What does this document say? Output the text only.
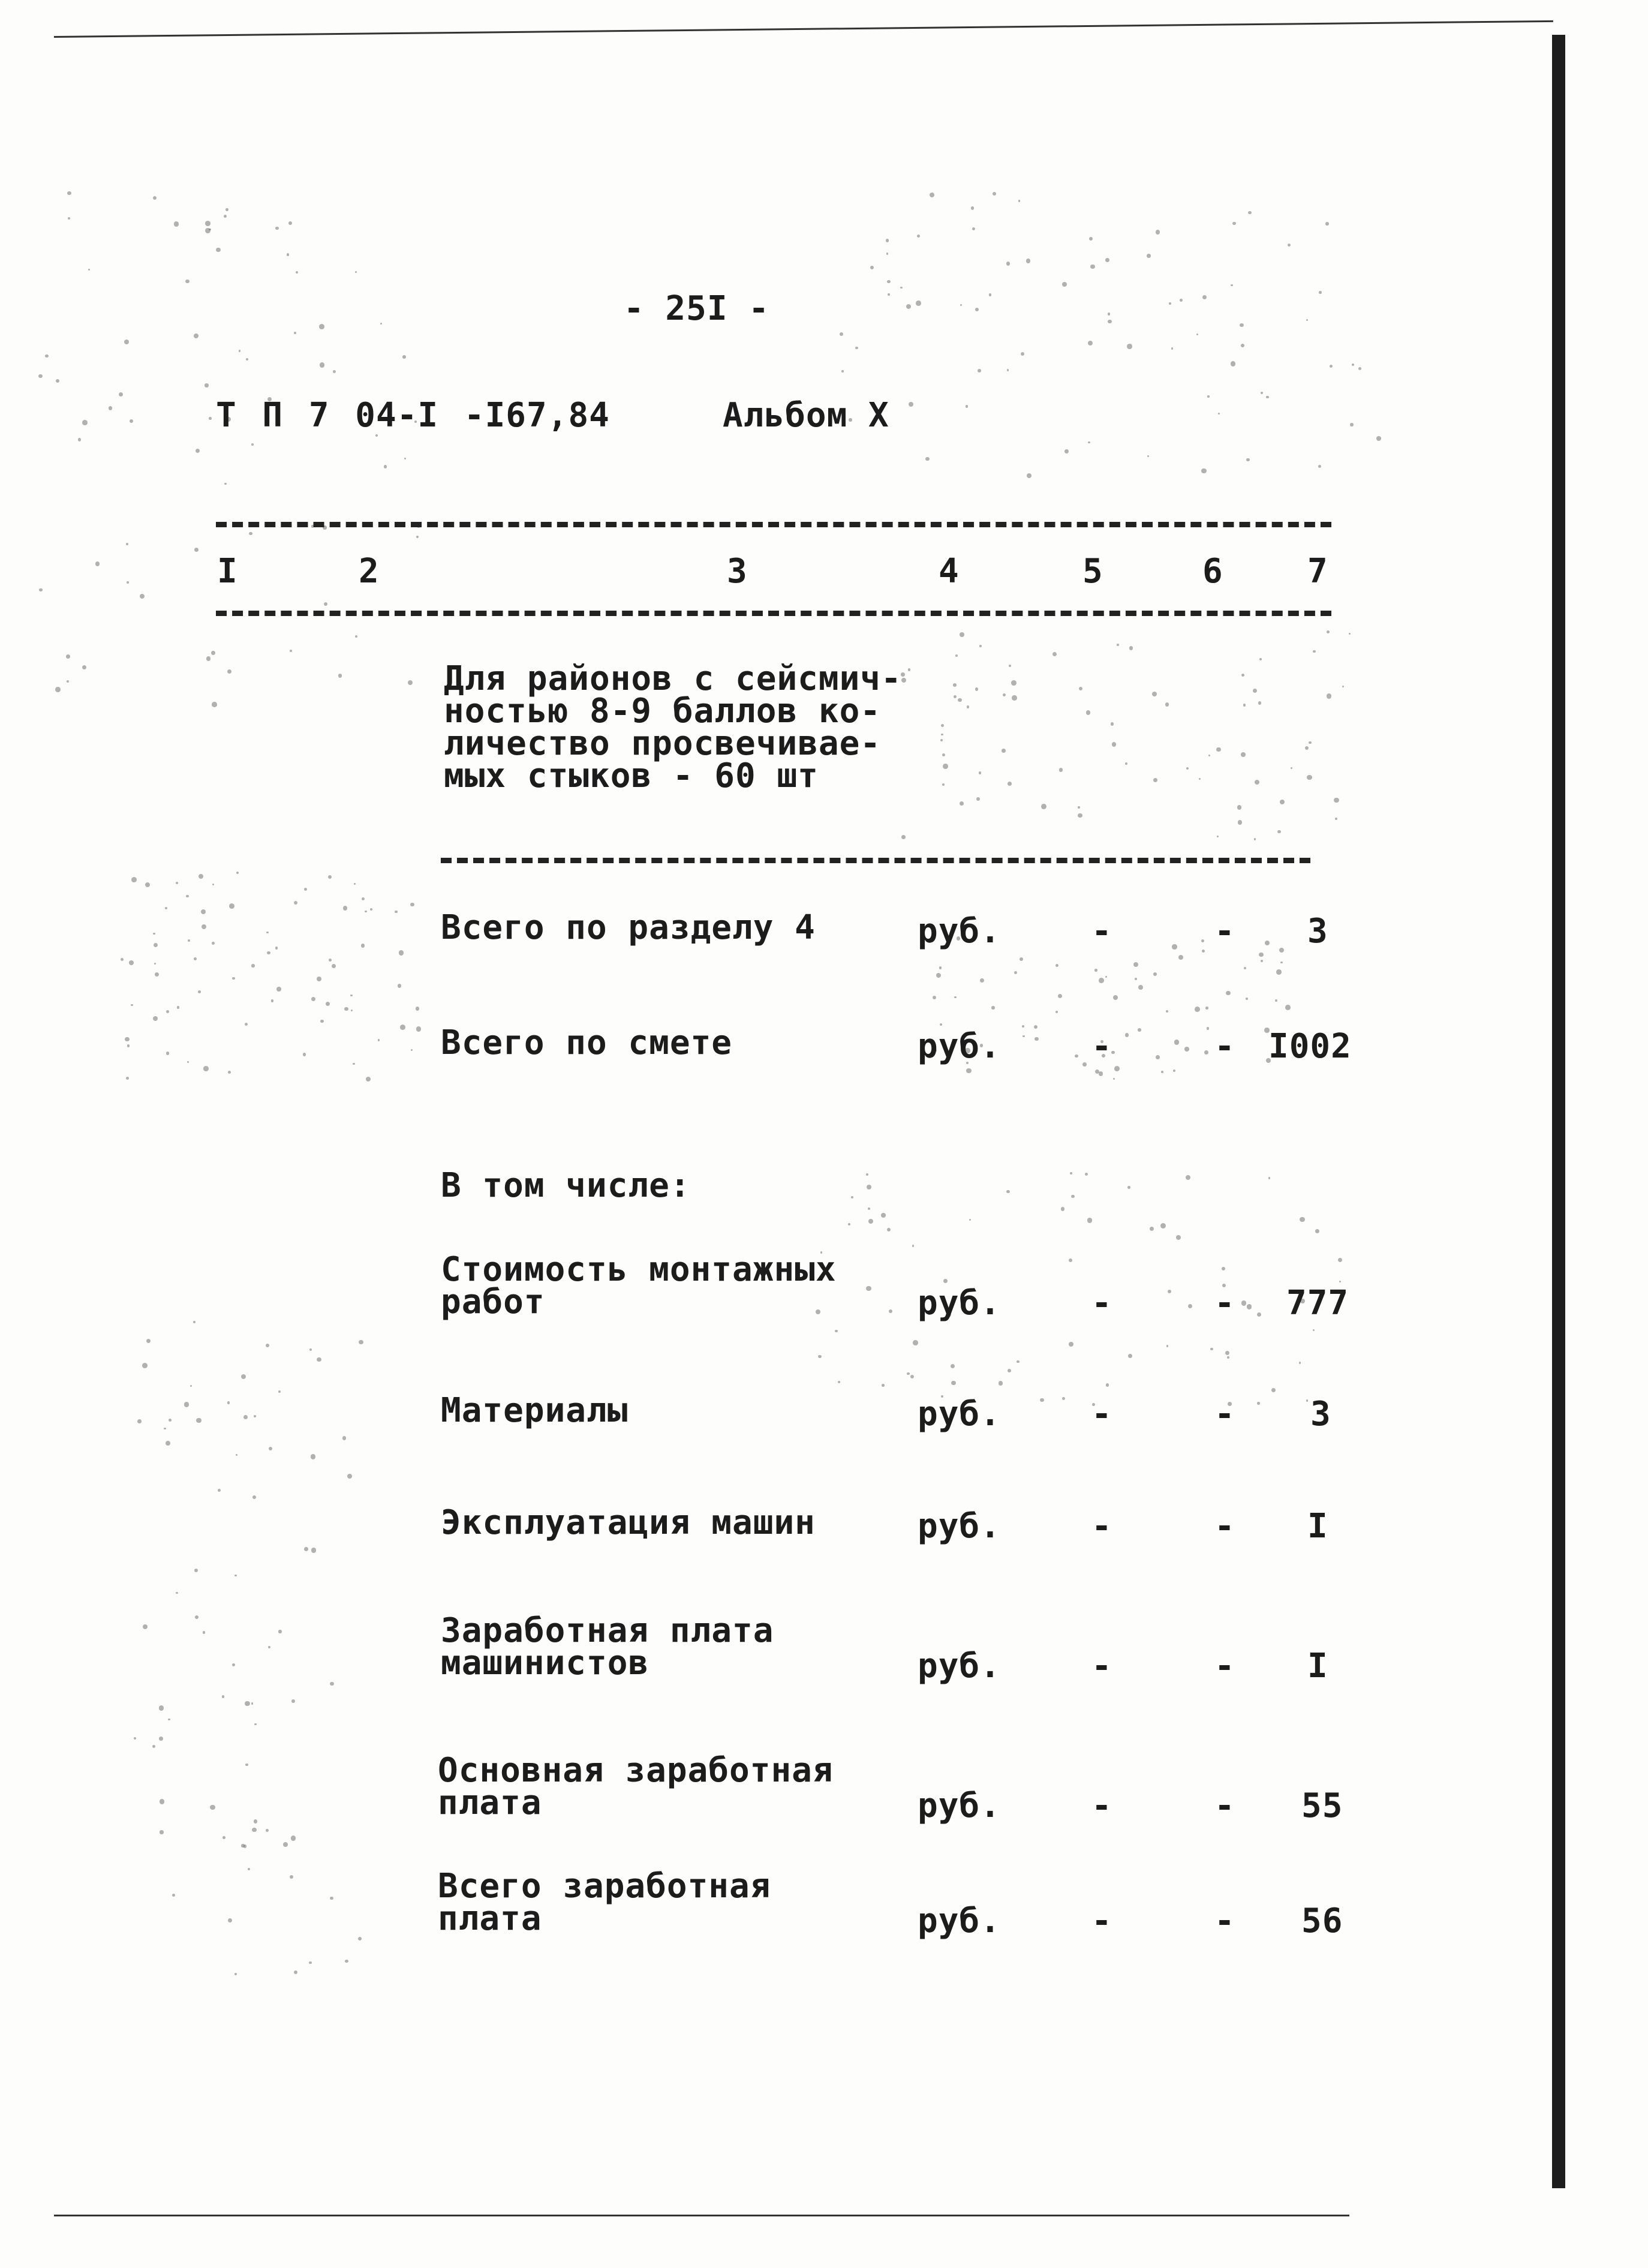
- 25I -
Т П 7 04-I -I67,84	Альбом X
I	2	3	4	5	6	7
Для районов с сейсмич-
ностью 8-9 баллов ко-
личество просвечивае-
мых стыков - 60 шт
Всего по разделу 4	руб.	-	- 3
Всего по смете	руб.	-	- I002
В том числе:
Стоимость монтажных
работ	руб.	-	- 777
Материалы	руб.	-	- 3
Эксплуатация машин	руб.	-	- I
Заработная плата
машинистов	руб.	-	- I
Основная заработная
плата	руб.	-	- 55
Всего заработная
плата	руб.	-	- 56
